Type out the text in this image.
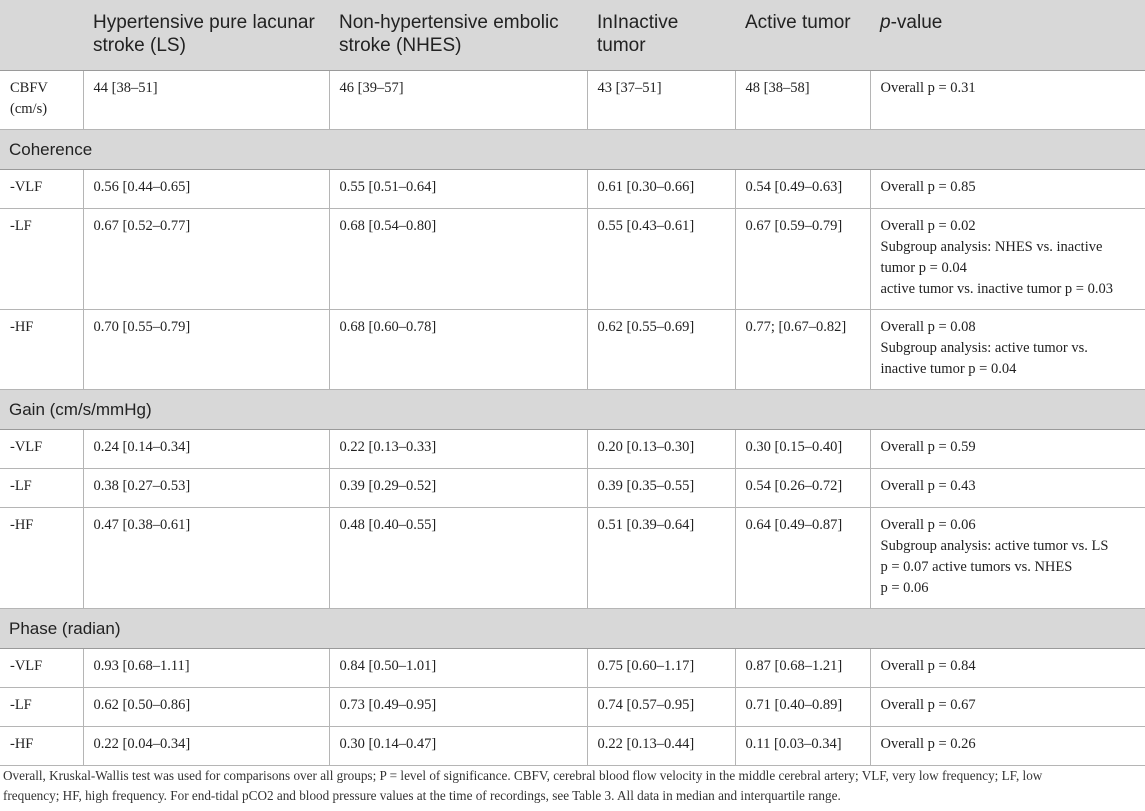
	Hypertensive pure lacunar stroke (LS)	Non-hypertensive embolic stroke (NHES)	InInactive tumor	Active tumor	p-value
CBFV (cm/s)	44 [38–51]	46 [39–57]	43 [37–51]	48 [38–58]	Overall p = 0.31

Coherence					
-VLF	0.56 [0.44–0.65]	0.55 [0.51–0.64]	0.61 [0.30–0.66]	0.54 [0.49–0.63]	Overall p = 0.85

-LF	0.67 [0.52–0.77]	0.68 [0.54–0.80]	0.55 [0.43–0.61]	0.67 [0.59–0.79]	Overall p = 0.02
Subgroup analysis: NHES vs. inactive
tumor p = 0.04
active tumor vs. inactive tumor p = 0.03

-HF	0.70 [0.55–0.79]	0.68 [0.60–0.78]	0.62 [0.55–0.69]	0.77; [0.67–0.82]	Overall p = 0.08
Subgroup analysis: active tumor vs.
inactive tumor p = 0.04

Gain (cm/s/mmHg)					
-VLF	0.24 [0.14–0.34]	0.22 [0.13–0.33]	0.20 [0.13–0.30]	0.30 [0.15–0.40]	Overall p = 0.59

-LF	0.38 [0.27–0.53]	0.39 [0.29–0.52]	0.39 [0.35–0.55]	0.54 [0.26–0.72]	Overall p = 0.43

-HF	0.47 [0.38–0.61]	0.48 [0.40–0.55]	0.51 [0.39–0.64]	0.64 [0.49–0.87]	Overall p = 0.06
Subgroup analysis: active tumor vs. LS
p = 0.07 active tumors vs. NHES
p = 0.06

Phase (radian)					
-VLF	0.93 [0.68–1.11]	0.84 [0.50–1.01]	0.75 [0.60–1.17]	0.87 [0.68–1.21]	Overall p = 0.84

-LF	0.62 [0.50–0.86]	0.73 [0.49–0.95]	0.74 [0.57–0.95]	0.71 [0.40–0.89]	Overall p = 0.67

-HF	0.22 [0.04–0.34]	0.30 [0.14–0.47]	0.22 [0.13–0.44]	0.11 [0.03–0.34]	Overall p = 0.26

Overall, Kruskal-Wallis test was used for comparisons over all groups; P = level of significance. CBFV, cerebral blood flow velocity in the middle cerebral artery; VLF, very low frequency; LF, low
frequency; HF, high frequency. For end-tidal pCO2 and blood pressure values at the time of recordings, see Table 3. All data in median and interquartile range.
